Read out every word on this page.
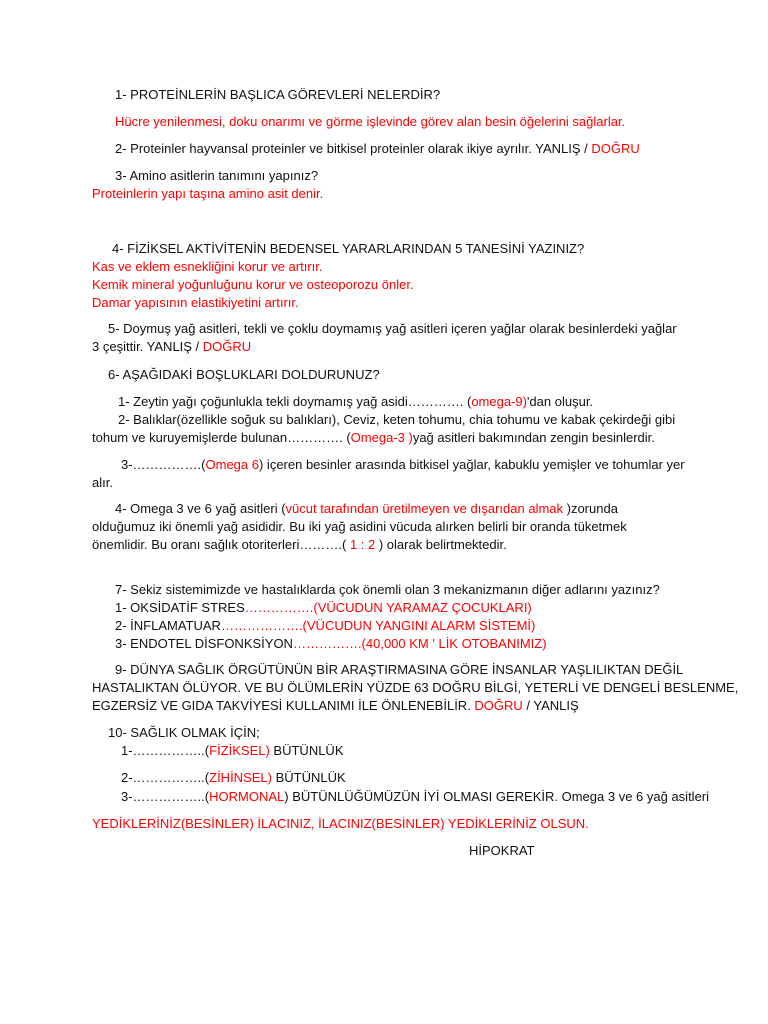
1- PROTEİNLERİN BAŞLICA GÖREVLERİ NELERDİR?
Hücre yenilenmesi, doku onarımı ve görme işlevinde görev alan besin öğelerini sağlarlar.
2- Proteinler hayvansal proteinler ve bitkisel proteinler olarak ikiye ayrılır. YANLIŞ / DOĞRU
3- Amino asitlerin tanımını yapınız?
Proteinlerin yapı taşına amino asit denir.
4- FİZİKSEL AKTİVİTENİN BEDENSEL YARARLARINDAN 5 TANESİNİ YAZINIZ?
Kas ve eklem esnekliğini korur ve artırır.
Kemik mineral yoğunluğunu korur ve osteoporozu önler.
Damar yapısının elastikiyetini artırır.
5- Doymuş yağ asitleri, tekli ve çoklu doymamış yağ asitleri içeren yağlar olarak besinlerdeki yağlar
3 çeşittir. YANLIŞ / DOĞRU
6- AŞAĞIDAKİ BOŞLUKLARI DOLDURUNUZ?
1- Zeytin yağı çoğunlukla tekli doymamış yağ asidi…………. (omega-9)'dan oluşur.
2- Balıklar(özellikle soğuk su balıkları), Ceviz, keten tohumu, chia tohumu ve kabak çekirdeği gibi
tohum ve kuruyemişlerde bulunan…………. (Omega-3 )yağ asitleri bakımından zengin besinlerdir.
3-…………….(Omega 6) içeren besinler arasında bitkisel yağlar, kabuklu yemişler ve tohumlar yer
alır.
4- Omega 3 ve 6 yağ asitleri (vücut tarafından üretilmeyen ve dışarıdan almak )zorunda
olduğumuz iki önemli yağ asididir. Bu iki yağ asidini vücuda alırken belirli bir oranda tüketmek
önemlidir. Bu oranı sağlık otoriterleri……….( 1 : 2 ) olarak belirtmektedir.
7- Sekiz sistemimizde ve hastalıklarda çok önemli olan 3 mekanizmanın diğer adlarını yazınız?
1- OKSİDATİF STRES…………….(VÜCUDUN YARAMAZ ÇOCUKLARI)
2- İNFLAMATUAR……………….(VÜCUDUN YANGINI ALARM SİSTEMİ)
3- ENDOTEL DİSFONKSİYON…………….(40,000 KM ' LİK OTOBANIMIZ)
9- DÜNYA SAĞLIK ÖRGÜTÜNÜN BİR ARAŞTIRMASINA GÖRE İNSANLAR YAŞLILIKTAN DEĞİL
HASTALIKTAN ÖLÜYOR. VE BU ÖLÜMLERİN YÜZDE 63 DOĞRU BİLGİ, YETERLİ VE DENGELİ BESLENME,
EGZERSİZ VE GIDA TAKVİYESİ KULLANIMI İLE ÖNLENEBİLİR. DOĞRU / YANLIŞ
10- SAĞLIK OLMAK İÇİN;
1-……………..(FİZİKSEL) BÜTÜNLÜK
2-……………..(ZİHİNSEL) BÜTÜNLÜK
3-……………..(HORMONAL) BÜTÜNLÜĞÜMÜZÜN İYİ OLMASI GEREKİR. Omega 3 ve 6 yağ asitleri
YEDİKLERİNİZ(BESİNLER) İLACINIZ, İLACINIZ(BESİNLER) YEDİKLERİNİZ OLSUN.
HİPOKRAT
